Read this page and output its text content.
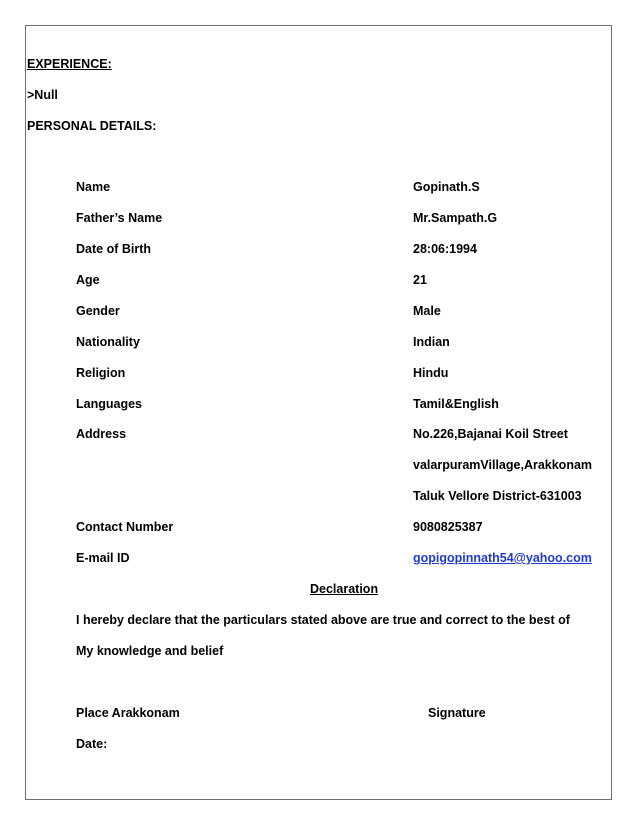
EXPERIENCE:
>Null
PERSONAL DETAILS:
Name	Gopinath.S
Father’s Name	Mr.Sampath.G
Date of Birth	28:06:1994
Age	21
Gender	Male
Nationality	Indian
Religion	Hindu
Languages	Tamil&English
Address	No.226,Bajanai Koil Street
valarpuramVillage,Arakkonam
Taluk Vellore District-631003
Contact Number	9080825387
E-mail ID	gopigopinnath54@yahoo.com
Declaration
I hereby declare that the particulars stated above are true and correct to the best of
My knowledge and belief
Place Arakkonam	Signature
Date:
